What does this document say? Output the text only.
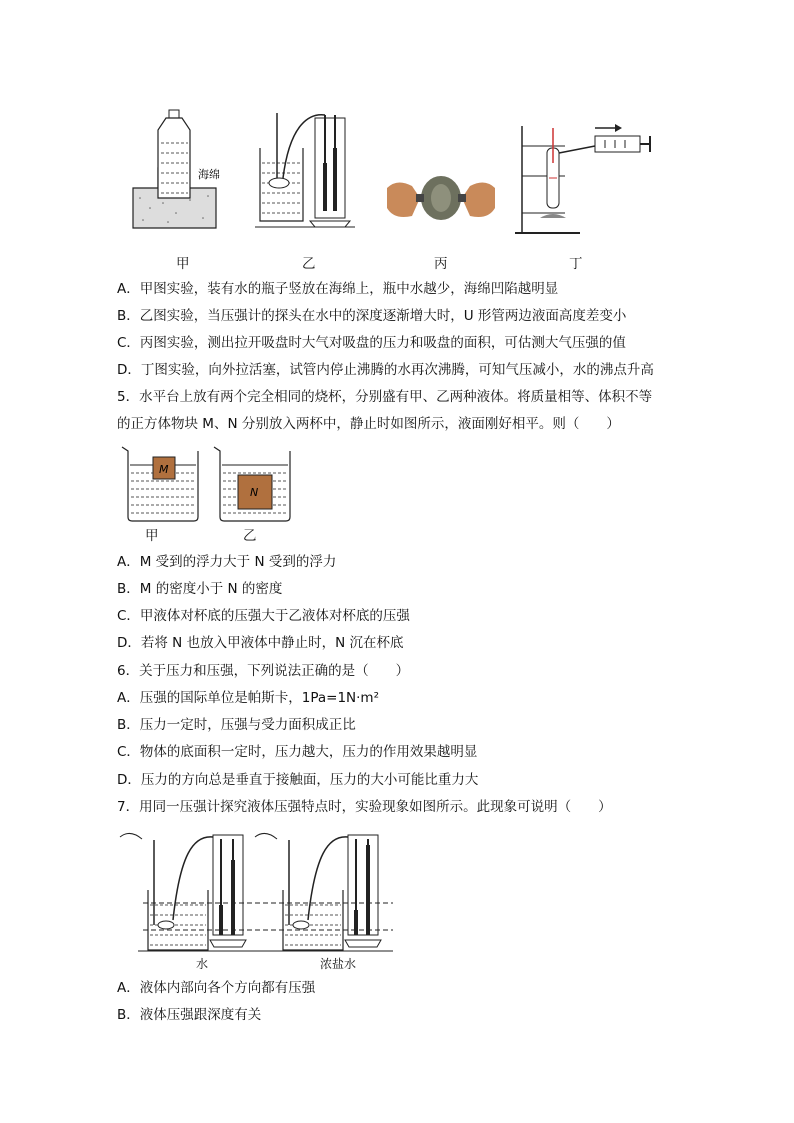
海绵
甲	乙	丙	丁
A．甲图实验，装有水的瓶子竖放在海绵上，瓶中水越少，海绵凹陷越明显
B．乙图实验，当压强计的探头在水中的深度逐渐增大时，U 形管两边液面高度差变小
C．丙图实验，测出拉开吸盘时大气对吸盘的压力和吸盘的面积，可估测大气压强的值
D．丁图实验，向外拉活塞，试管内停止沸腾的水再次沸腾，可知气压减小，水的沸点升高
5．水平台上放有两个完全相同的烧杯，分别盛有甲、乙两种液体。将质量相等、体积不等
的正方体物块 M、N 分别放入两杯中，静止时如图所示，液面刚好相平。则（　　）
M
N
甲	乙
A．M 受到的浮力大于 N 受到的浮力
B．M 的密度小于 N 的密度
C．甲液体对杯底的压强大于乙液体对杯底的压强
D．若将 N 也放入甲液体中静止时，N 沉在杯底
6．关于压力和压强，下列说法正确的是（　　）
A．压强的国际单位是帕斯卡，1Pa=1N·m²
B．压力一定时，压强与受力面积成正比
C．物体的底面积一定时，压力越大，压力的作用效果越明显
D．压力的方向总是垂直于接触面，压力的大小可能比重力大
7．用同一压强计探究液体压强特点时，实验现象如图所示。此现象可说明（　　）
水	浓盐水
A．液体内部向各个方向都有压强
B．液体压强跟深度有关
